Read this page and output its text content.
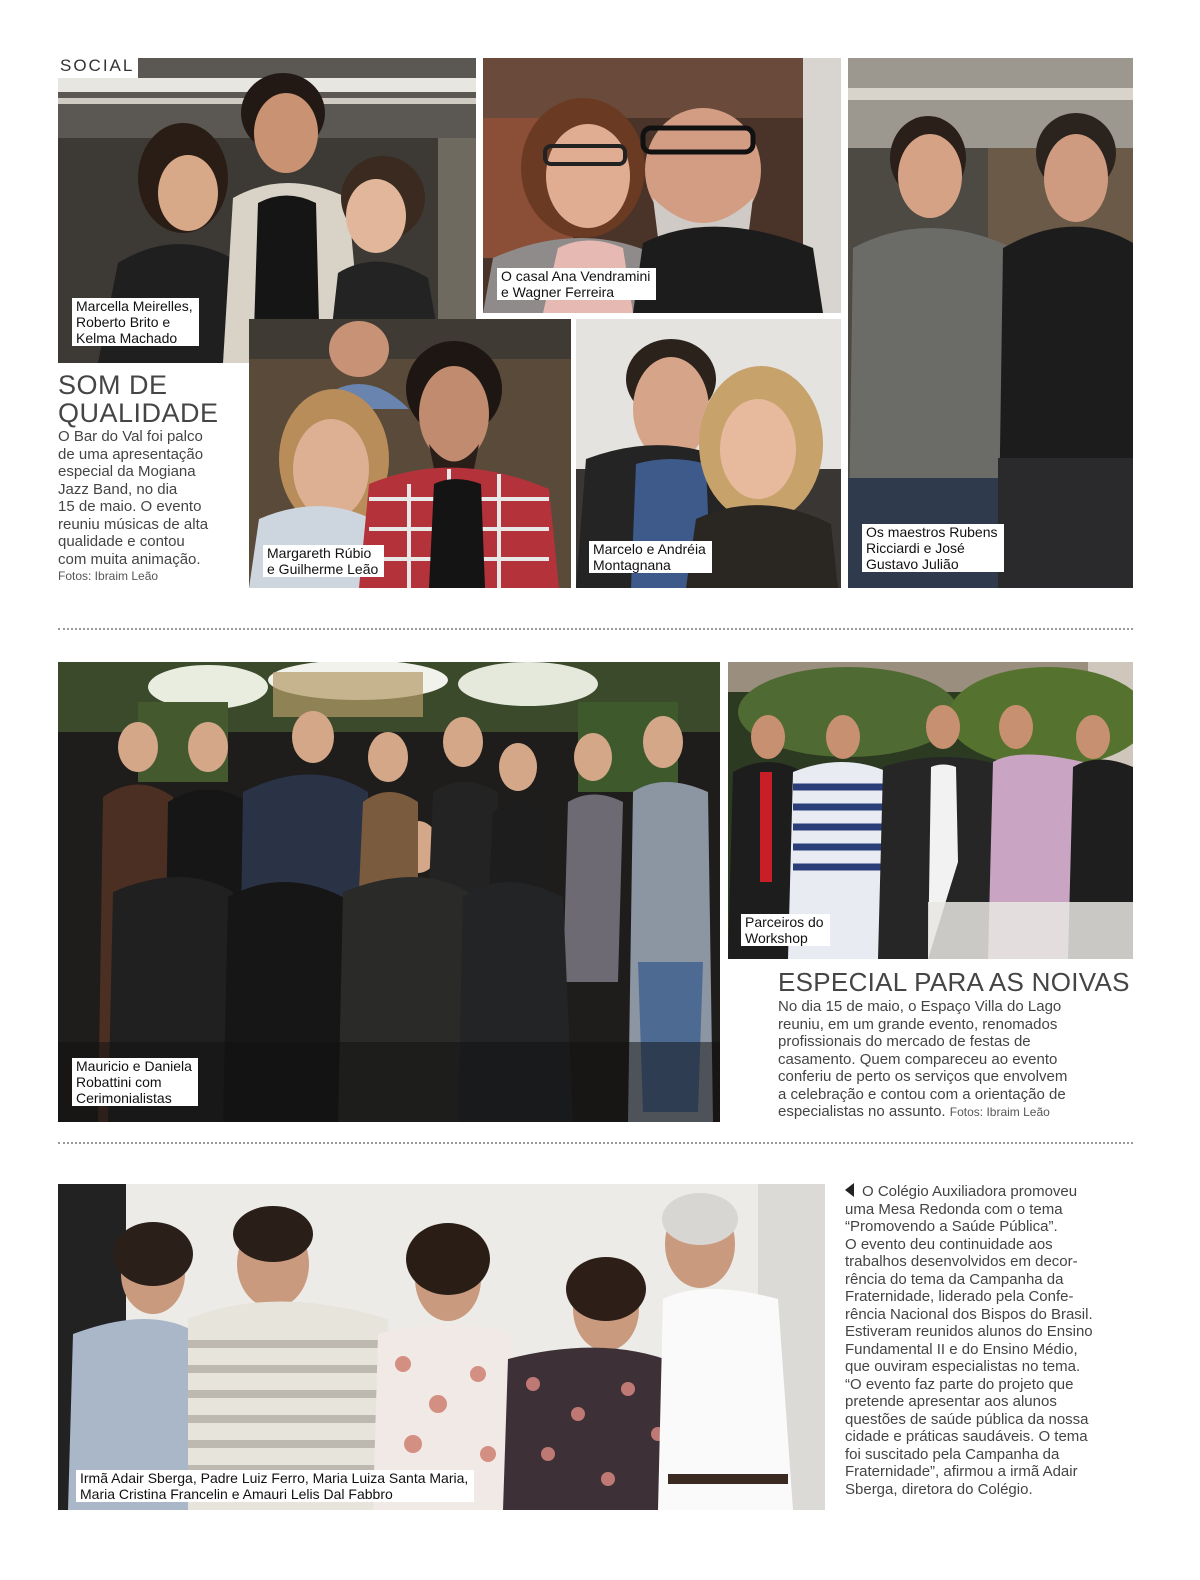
SOCIAL
Marcella Meirelles,
Roberto Brito e
Kelma Machado
O casal Ana Vendramini
e Wagner Ferreira
Os maestros Rubens
Ricciardi e José
Gustavo Julião
Margareth Rúbio
e Guilherme Leão
Marcelo e Andréia
Montagnana
SOM DE
QUALIDADE
O Bar do Val foi palco
de uma apresentação
especial da Mogiana
Jazz Band, no dia
15 de maio. O evento
reuniu músicas de alta
qualidade e contou
com muita animação.
Fotos: Ibraim Leão
Mauricio e Daniela
Robattini com
Cerimonialistas
Parceiros do
Workshop
ESPECIAL PARA AS NOIVAS
No dia 15 de maio, o Espaço Villa do Lago
reuniu, em um grande evento, renomados
profissionais do mercado de festas de
casamento. Quem compareceu ao evento
conferiu de perto os serviços que envolvem
a celebração e contou com a orientação de
especialistas no assunto. Fotos: Ibraim Leão
Irmã Adair Sberga, Padre Luiz Ferro, Maria Luiza Santa Maria,
Maria Cristina Francelin e Amauri Lelis Dal Fabbro
O Colégio Auxiliadora promoveu
uma Mesa Redonda com o tema
“Promovendo a Saúde Pública”.
O evento deu continuidade aos
trabalhos desenvolvidos em decor-
rência do tema da Campanha da
Fraternidade, liderado pela Confe-
rência Nacional dos Bispos do Brasil.
Estiveram reunidos alunos do Ensino
Fundamental II e do Ensino Médio,
que ouviram especialistas no tema.
“O evento faz parte do projeto que
pretende apresentar aos alunos
questões de saúde pública da nossa
cidade e práticas saudáveis. O tema
foi suscitado pela Campanha da
Fraternidade”, afirmou a irmã Adair
Sberga, diretora do Colégio.
